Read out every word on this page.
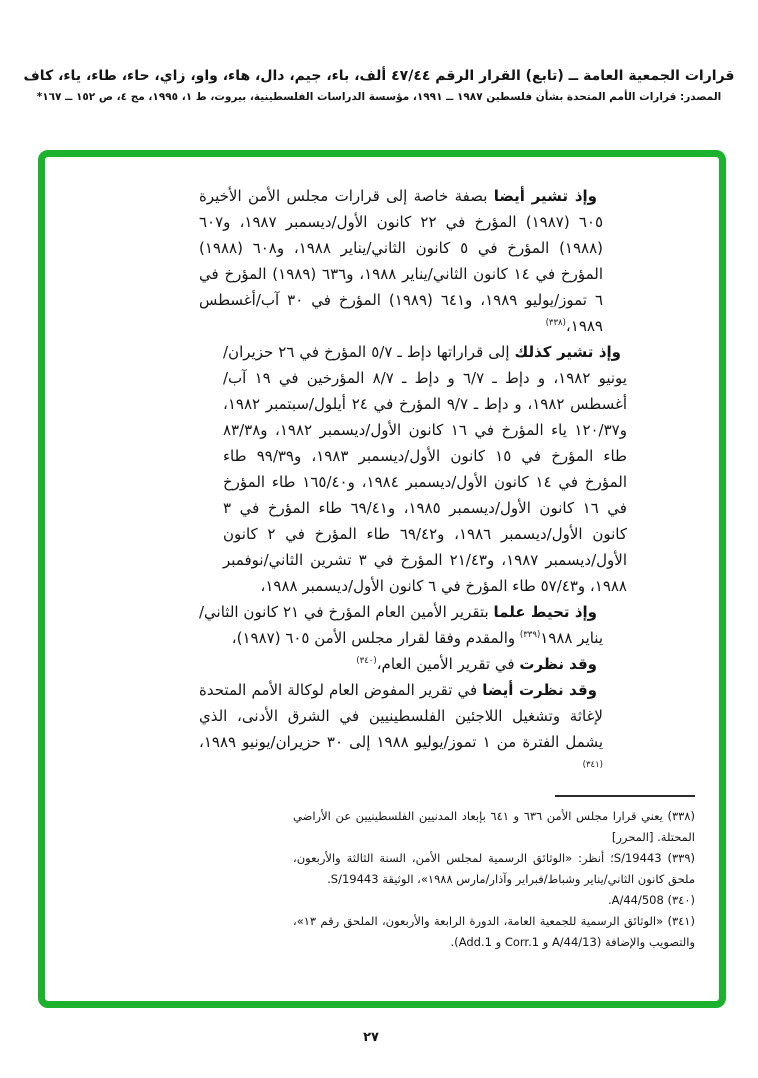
قرارات الجمعية العامة ــ (تابع) القرار الرقم ٤٧/٤٤ ألف، باء، جيم، دال، هاء، واو، زاي، حاء، طاء، ياء، كاف
المصدر: قرارات الأمم المتحدة بشأن فلسطين ١٩٨٧ ــ ١٩٩١، مؤسسة الدراسات الفلسطينية، بيروت، ط ١، ١٩٩٥، مج ٤، ص ١٥٢ ــ ١٦٧*

وإذ تشير أيضا بصفة خاصة إلى قرارات مجلس الأمن الأخيرة ٦٠٥ (١٩٨٧) المؤرخ في ٢٢ كانون الأول/ديسمبر ١٩٨٧، و٦٠٧ (١٩٨٨) المؤرخ في ٥ كانون الثاني/يناير ١٩٨٨، و٦٠٨ (١٩٨٨) المؤرخ في ١٤ كانون الثاني/يناير ١٩٨٨، و٦٣٦ (١٩٨٩) المؤرخ في ٦ تموز/يوليو ١٩٨٩، و٦٤١ (١٩٨٩) المؤرخ في ٣٠ آب/أغسطس ١٩٨٩،$^{(٣٣٨)}$

وإذ تشير كذلك إلى قراراتها دإط ـ ٥/٧ المؤرخ في ٢٦ حزيران/يونيو ١٩٨٢، و دإط ـ ٦/٧ و دإط ـ ٨/٧ المؤرخين في ١٩ آب/أغسطس ١٩٨٢، و دإط ـ ٩/٧ المؤرخ في ٢٤ أيلول/سبتمبر ١٩٨٢، و١٢٠/٣٧ ياء المؤرخ في ١٦ كانون الأول/ديسمبر ١٩٨٢، و٨٣/٣٨ طاء المؤرخ في ١٥ كانون الأول/ديسمبر ١٩٨٣، و٩٩/٣٩ طاء المؤرخ في ١٤ كانون الأول/ديسمبر ١٩٨٤، و١٦٥/٤٠ طاء المؤرخ في ١٦ كانون الأول/ديسمبر ١٩٨٥، و٦٩/٤١ طاء المؤرخ في ٣ كانون الأول/ديسمبر ١٩٨٦، و٦٩/٤٢ طاء المؤرخ في ٢ كانون الأول/ديسمبر ١٩٨٧، و٢١/٤٣ المؤرخ في ٣ تشرين الثاني/نوفمبر ١٩٨٨، و٥٧/٤٣ طاء المؤرخ في ٦ كانون الأول/ديسمبر ١٩٨٨،

وإذ تحيط علما بتقرير الأمين العام المؤرخ في ٢١ كانون الثاني/يناير ١٩٨٨$^{(٣٣٩)}$ والمقدم وفقا لقرار مجلس الأمن ٦٠٥ (١٩٨٧)،

وقد نظرت في تقرير الأمين العام،$^{(٣٤٠)}$

وقد نظرت أيضا في تقرير المفوض العام لوكالة الأمم المتحدة لإغاثة وتشغيل اللاجئين الفلسطينيين في الشرق الأدنى، الذي يشمل الفترة من ١ تموز/يوليو ١٩٨٨ إلى ٣٠ حزيران/يونيو ١٩٨٩،$^{(٣٤١)}$

(٣٣٨) يعني قرارا مجلس الأمن ٦٣٦ و ٦٤١ بإبعاد المدنيين الفلسطينيين عن الأراضي المحتلة. [المحرر]

(٣٣٩) S/19443؛ أنظر: «الوثائق الرسمية لمجلس الأمن، السنة الثالثة والأربعون، ملحق كانون الثاني/يناير وشباط/فبراير وآذار/مارس ١٩٨٨»، الوثيقة S/19443.

(٣٤٠) A/44/508.

(٣٤١) «الوثائق الرسمية للجمعية العامة، الدورة الرابعة والأربعون، الملحق رقم ١٣»، والتصويب والإضافة (A/44/13 و Corr.1 و Add.1).

٢٧
